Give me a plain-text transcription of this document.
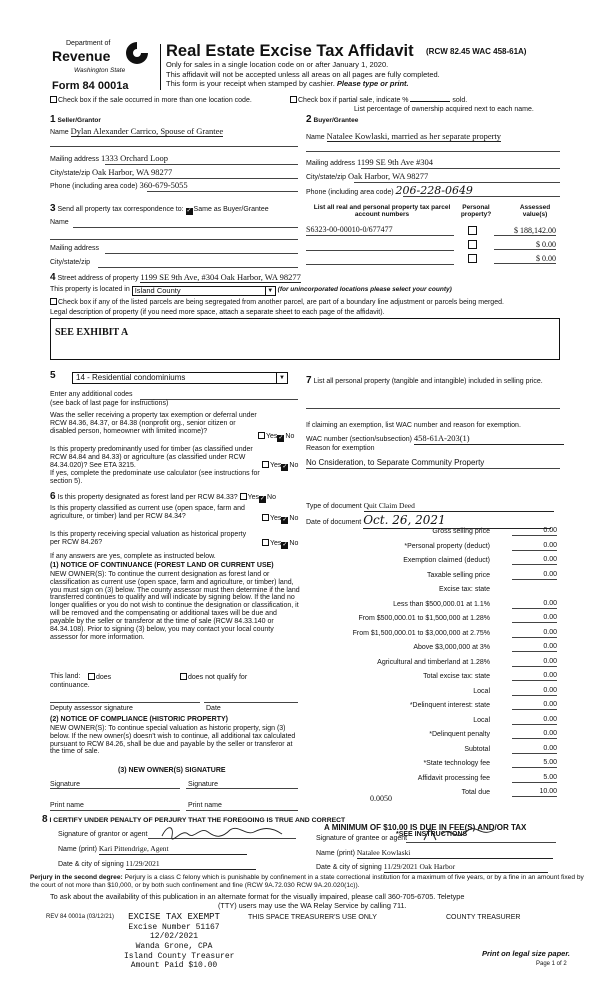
Department of
Revenue
Washington State
Form 84 0001a
Real Estate Excise Tax Affidavit (RCW 82.45 WAC 458-61A)
Only for sales in a single location code on or after January 1, 2020.
This affidavit will not be accepted unless all areas on all pages are fully completed.
This form is your receipt when stamped by cashier. Please type or print.
Check box if the sale occurred in more than one location code.	Check box if partial sale, indicate %	sold.
List percentage of ownership acquired next to each name.
1 Seller/Grantor
Name Dylan Alexander Carrico, Spouse of Grantee
Mailing address 1333 Orchard Loop
City/state/zip Oak Harbor, WA 98277
Phone (including area code) 360-679-5055
2 Buyer/Grantee
Name Natalee Kowlaski, married as her separate property
Mailing address 1199 SE 9th Ave #304
City/state/zip Oak Harbor, WA 98277
Phone (including area code) 206-228-0649
3 Send all property tax correspondence to: ✓ Same as Buyer/Grantee
Name
Mailing address
City/state/zip
List all real and personal property tax parcel account numbers
Personal property?
Assessed value(s)
S6323-00-00010-0/677477	$ 188,142.00
$ 0.00
$ 0.00
4 Street address of property 1199 SE 9th Ave, #304 Oak Harbor, WA 98277
This property is located in Island County	▼ (for unincorporated locations please select your county)
Check box if any of the listed parcels are being segregated from another parcel, are part of a boundary line adjustment or parcels being merged.
Legal description of property (if you need more space, attach a separate sheet to each page of the affidavit).
SEE EXHIBIT A
5	14 - Residential condominiums	▼
Enter any additional codes
(see back of last page for instructions)
Was the seller receiving a property tax exemption or deferral under RCW 84.36, 84.37, or 84.38 (nonprofit org., senior citizen or disabled person, homeowner with limited income)?
Yes✓ No
Is this property predominantly used for timber (as classified under RCW 84.84 and 84.33) or agriculture (as classified under RCW 84.34.020)? See ETA 3215.	Yes✓ No
If yes, complete the predominate use calculator (see instructions for section 5).
7 List all personal property (tangible and intangible) included in selling price.
If claiming an exemption, list WAC number and reason for exemption.
WAC number (section/subsection) 458-61A-203(1)
Reason for exemption
No Cnsideration, to Separate Community Property
6 Is this property designated as forest land per RCW 84.33? Yes✓ No
Is this property classified as current use (open space, farm and agriculture, or timber) land per RCW 84.34?	Yes✓ No
Is this property receiving special valuation as historical property per RCW 84.26?	Yes✓ No
If any answers are yes, complete as instructed below.
(1) NOTICE OF CONTINUANCE (FOREST LAND OR CURRENT USE)
NEW OWNER(S): To continue the current designation as forest land or classification as current use (open space, farm and agriculture, or timber) land, you must sign on (3) below. The county assessor must then determine if the land transferred continues to qualify and will indicate by signing below. If the land no longer qualifies or you do not wish to continue the designation or classification, it will be removed and the compensating or additional taxes will be due and payable by the seller or transferor at the time of sale (RCW 84.33.140 or 84.34.108). Prior to signing (3) below, you may contact your local county assessor for more information.
This land:	does	does not qualify for
continuance.
Deputy assessor signature	Date
(2) NOTICE OF COMPLIANCE (HISTORIC PROPERTY)
NEW OWNER(S): To continue special valuation as historic property, sign (3) below. If the new owner(s) doesn't wish to continue, all additional tax calculated pursuant to RCW 84.26, shall be due and payable by the seller or transferor at the time of sale.
(3) NEW OWNER(S) SIGNATURE
Signature	Signature
Print name	Print name
Type of document Quit Claim Deed
Date of document Oct. 26, 2021
Gross selling price	0.00
*Personal property (deduct)	0.00
Exemption claimed (deduct)	0.00
Taxable selling price	0.00
Excise tax: state
Less than $500,000.01 at 1.1%	0.00
From $500,000.01 to $1,500,000 at 1.28%	0.00
From $1,500,000.01 to $3,000,000 at 2.75%	0.00
Above $3,000,000 at 3%	0.00
Agricultural and timberland at 1.28%	0.00
Total excise tax: state	0.00
Local	0.00
*Delinquent interest: state	0.00
Local	0.00
*Delinquent penalty	0.00
Subtotal	0.00
*State technology fee	5.00
Affidavit processing fee	5.00
Total due	10.00
0.0050
A MINIMUM OF $10.00 IS DUE IN FEE(S) AND/OR TAX
*SEE INSTRUCTIONS
8 I CERTIFY UNDER PENALTY OF PERJURY THAT THE FOREGOING IS TRUE AND CORRECT
Signature of grantor or agent
Name (print) Kari Pittendrige, Agent
Date & city of signing 11/29/2021
Signature of grantee or agent
Name (print) Natalee Kowlaski
Date & city of signing 11/29/2021 Oak Harbor
Perjury in the second degree: Perjury is a class C felony which is punishable by confinement in a state correctional institution for a maximum of five years, or by a fine in an amount fixed by the court of not more than $10,000, or by both such confinement and fine (RCW 9A.72.030 RCW 9A.20.020(1c)).
To ask about the availability of this publication in an alternate format for the visually impaired, please call 360-705-6705. Teletype
(TTY) users may use the WA Relay Service by calling 711.
REV 84 0001a (03/12/21)	EXCISE TAX EXEMPT
Excise Number 51167
12/02/2021
Wanda Grone, CPA
Island County Treasurer
Amount Paid $10.00
THIS SPACE TREASURER'S USE ONLY	COUNTY TREASURER
Print on legal size paper.
Page 1 of 2
